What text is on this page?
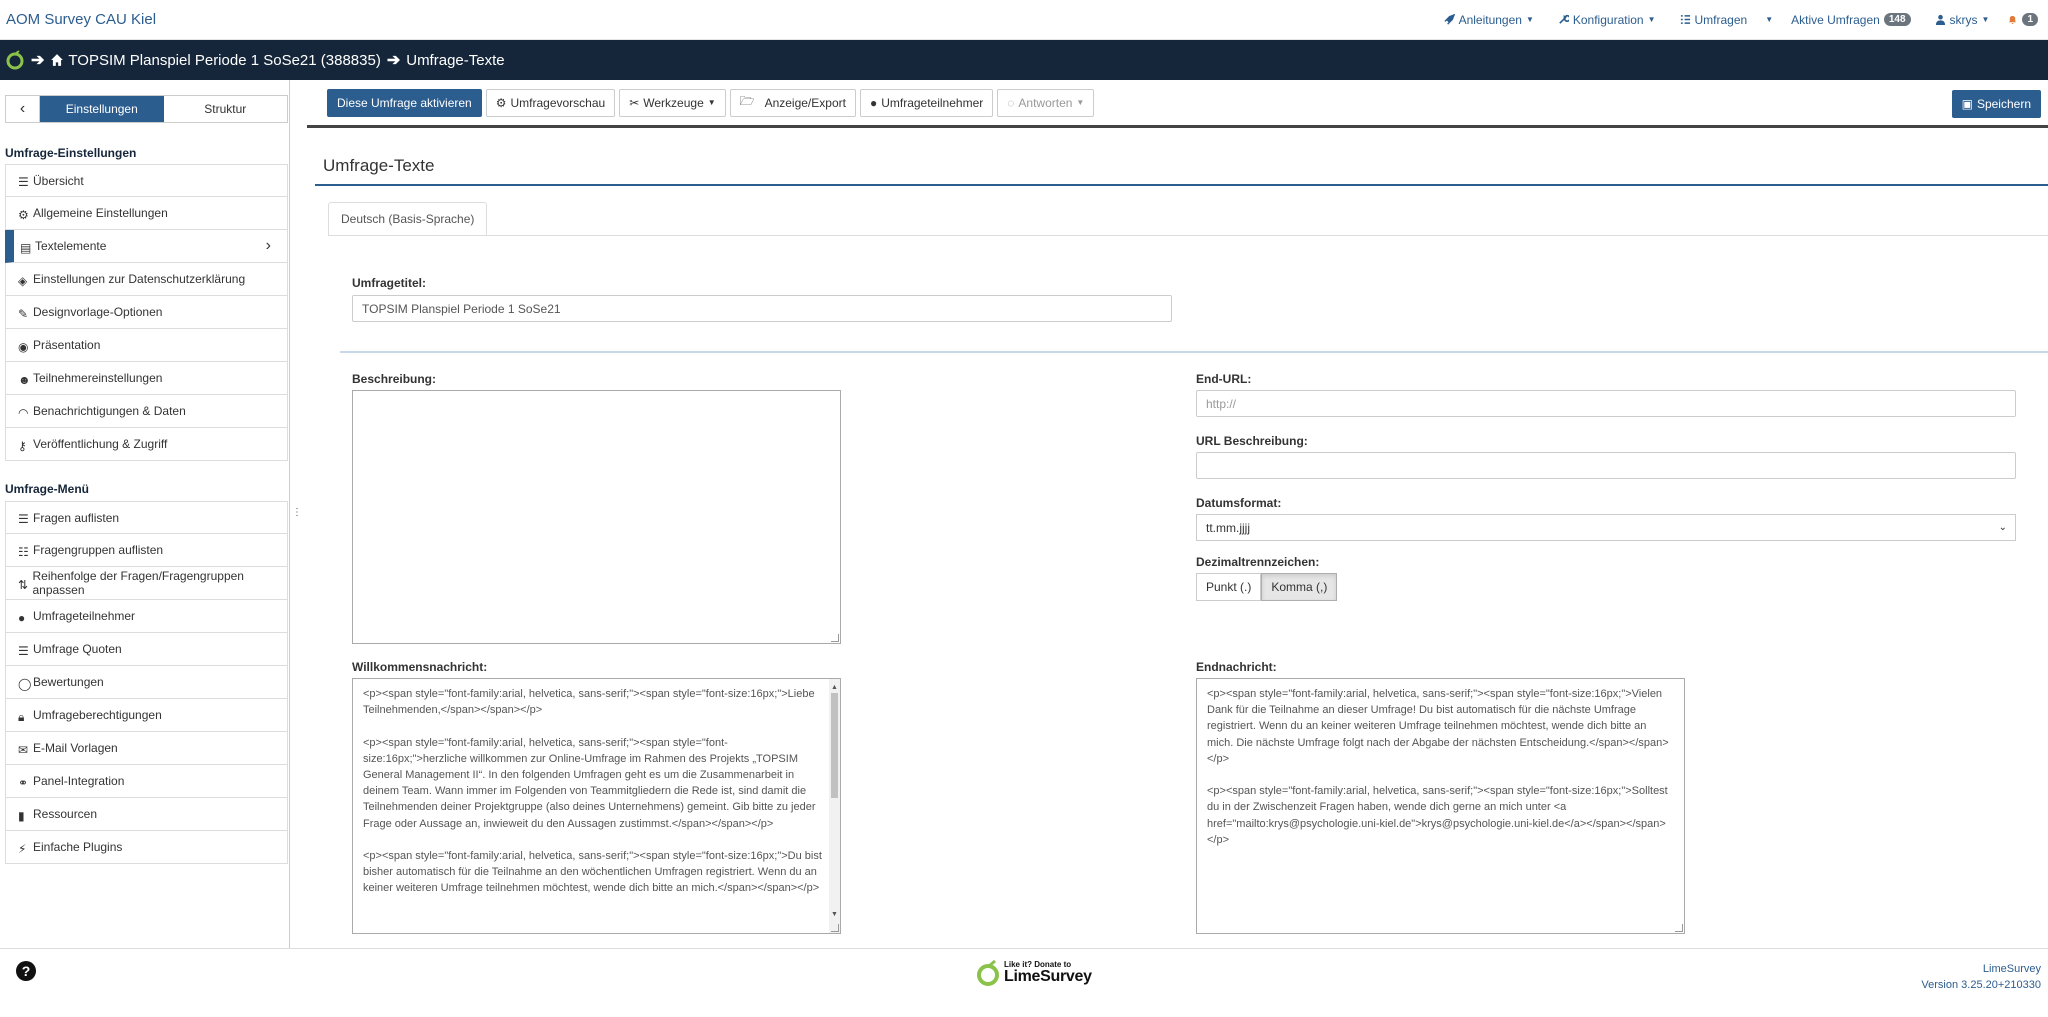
AOM Survey CAU Kiel	Anleitungen ▼	Konfiguration ▼	Umfragen ▼ Aktive Umfragen 148	skrys ▼	1
➔ TOPSIM Planspiel Periode 1 SoSe21 (388835) ➔ Umfrage-Texte
‹	Einstellungen	Struktur
Umfrage-Einstellungen
☰ Übersicht
⚙ Allgemeine Einstellungen
▤ Textelemente	›
◈ Einstellungen zur Datenschutzerklärung
✎ Designvorlage-Optionen
◉ Präsentation
☻ Teilnehmereinstellungen
◠ Benachrichtigungen & Daten
⚷ Veröffentlichung & Zugriff
Umfrage-Menü
☰ Fragen auflisten
☷ Fragengruppen auflisten
⇅
Reihenfolge der Fragen/Fragengruppen anpassen
● Umfrageteilnehmer
☰ Umfrage Quoten
◯ Bewertungen
🔒︎ Umfrageberechtigungen
✉ E-Mail Vorlagen
⚭ Panel-Integration
▮ Ressourcen
⚡︎ Einfache Plugins
⋮
Diese Umfrage aktivieren	⚙ Umfragevorschau ✂ Werkzeuge ▼ 🗁 Anzeige/Export ● Umfrageteilnehmer ◌ Antworten ▼	▣ Speichern
Umfrage-Texte
Deutsch (Basis-Sprache)
Umfragetitel:
TOPSIM Planspiel Periode 1 SoSe21
Beschreibung:	End-URL:
http://
URL Beschreibung:
Datumsformat:
tt.mm.jjjj	⌄
Dezimaltrennzeichen:
Punkt (.)	Komma (,)
Willkommensnachricht:
<p><span style="font-family:arial, helvetica, sans-serif;"><span style="font-size:16px;">Liebe Teilnehmenden,</span></span></p>

<p><span style="font-family:arial, helvetica, sans-serif;"><span style="font-size:16px;">herzliche willkommen zur Online-Umfrage im Rahmen des Projekts „TOPSIM General Management II“. In den folgenden Umfragen geht es um die Zusammenarbeit in deinem Team. Wann immer im Folgenden von Teammitgliedern die Rede ist, sind damit die Teilnehmenden deiner Projektgruppe (also deines Unternehmens) gemeint. Gib bitte zu jeder Frage oder Aussage an, inwieweit du den Aussagen zustimmst.</span></span></p>

<p><span style="font-family:arial, helvetica, sans-serif;"><span style="font-size:16px;">Du bist bisher automatisch für die Teilnahme an den wöchentlichen Umfragen registriert. Wenn du an keiner weiteren Umfrage teilnehmen möchtest, wende dich bitte an mich.</span></span></p>
▲
▼
Endnachricht:
<p><span style="font-family:arial, helvetica, sans-serif;"><span style="font-size:16px;">Vielen Dank für die Teilnahme an dieser Umfrage! Du bist automatisch für die nächste Umfrage registriert. Wenn du an keiner weiteren Umfrage teilnehmen möchtest, wende dich bitte an mich. Die nächste Umfrage folgt nach der Abgabe der nächsten Entscheidung.</span></span></p>

<p><span style="font-family:arial, helvetica, sans-serif;"><span style="font-size:16px;">Solltest du in der Zwischenzeit Fragen haben, wende dich gerne an mich unter <a href="mailto:krys@psychologie.uni-kiel.de">krys@psychologie.uni-kiel.de</a></span></span></p>
?	Like it? Donate to
LimeSurvey	LimeSurvey
Version 3.25.20+210330
